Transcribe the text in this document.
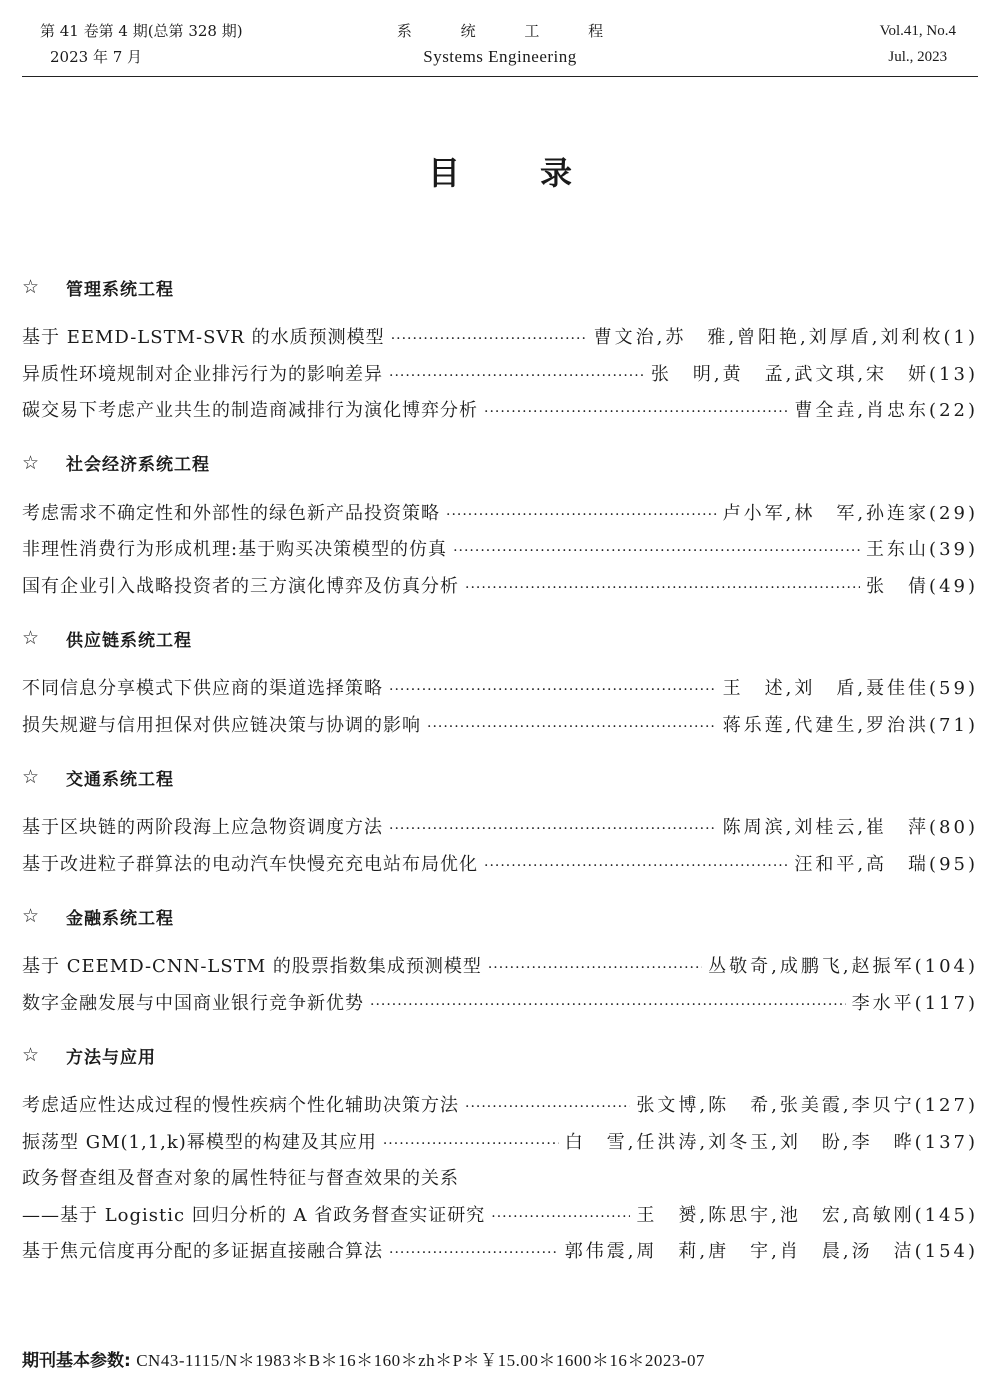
第 41 卷第 4 期(总第 328 期)
2023 年 7 月
系 统 工 程
Systems Engineering
Vol.41, No.4
Jul., 2023
目录
☆	管理系统工程
基于 EEMD-LSTM-SVR 的水质预测模型 ·····	曹文治,苏　雅,曾阳艳,刘厚盾,刘利枚(1)
异质性环境规制对企业排污行为的影响差异 ·····	张　明,黄　孟,武文琪,宋　妍(13)
碳交易下考虑产业共生的制造商减排行为演化博弈分析 ·····	曹全垚,肖忠东(22)
☆	社会经济系统工程
考虑需求不确定性和外部性的绿色新产品投资策略 ·····	卢小军,林　军,孙连家(29)
非理性消费行为形成机理:基于购买决策模型的仿真 ·····	王东山(39)
国有企业引入战略投资者的三方演化博弈及仿真分析 ·····	张　倩(49)
☆	供应链系统工程
不同信息分享模式下供应商的渠道选择策略 ·····	王　述,刘　盾,聂佳佳(59)
损失规避与信用担保对供应链决策与协调的影响 ·····	蒋乐莲,代建生,罗治洪(71)
☆	交通系统工程
基于区块链的两阶段海上应急物资调度方法 ·····	陈周滨,刘桂云,崔　萍(80)
基于改进粒子群算法的电动汽车快慢充充电站布局优化 ·····	汪和平,高　瑞(95)
☆	金融系统工程
基于 CEEMD-CNN-LSTM 的股票指数集成预测模型 ·····	丛敬奇,成鹏飞,赵振军(104)
数字金融发展与中国商业银行竞争新优势 ·····	李水平(117)
☆	方法与应用
考虑适应性达成过程的慢性疾病个性化辅助决策方法 ·····	张文博,陈　希,张美霞,李贝宁(127)
振荡型 GM(1,1,k)幂模型的构建及其应用 ·····	白　雪,任洪涛,刘冬玉,刘　盼,李　晔(137)
政务督查组及督查对象的属性特征与督查效果的关系
——基于 Logistic 回归分析的 A 省政务督查实证研究 ·····	王　赟,陈思宇,池　宏,高敏刚(145)
基于焦元信度再分配的多证据直接融合算法 ·····	郭伟震,周　莉,唐　宇,肖　晨,汤　洁(154)
期刊基本参数: CN43-1115/N＊1983＊B＊16＊160＊zh＊P＊￥15.00＊1600＊16＊2023-07
